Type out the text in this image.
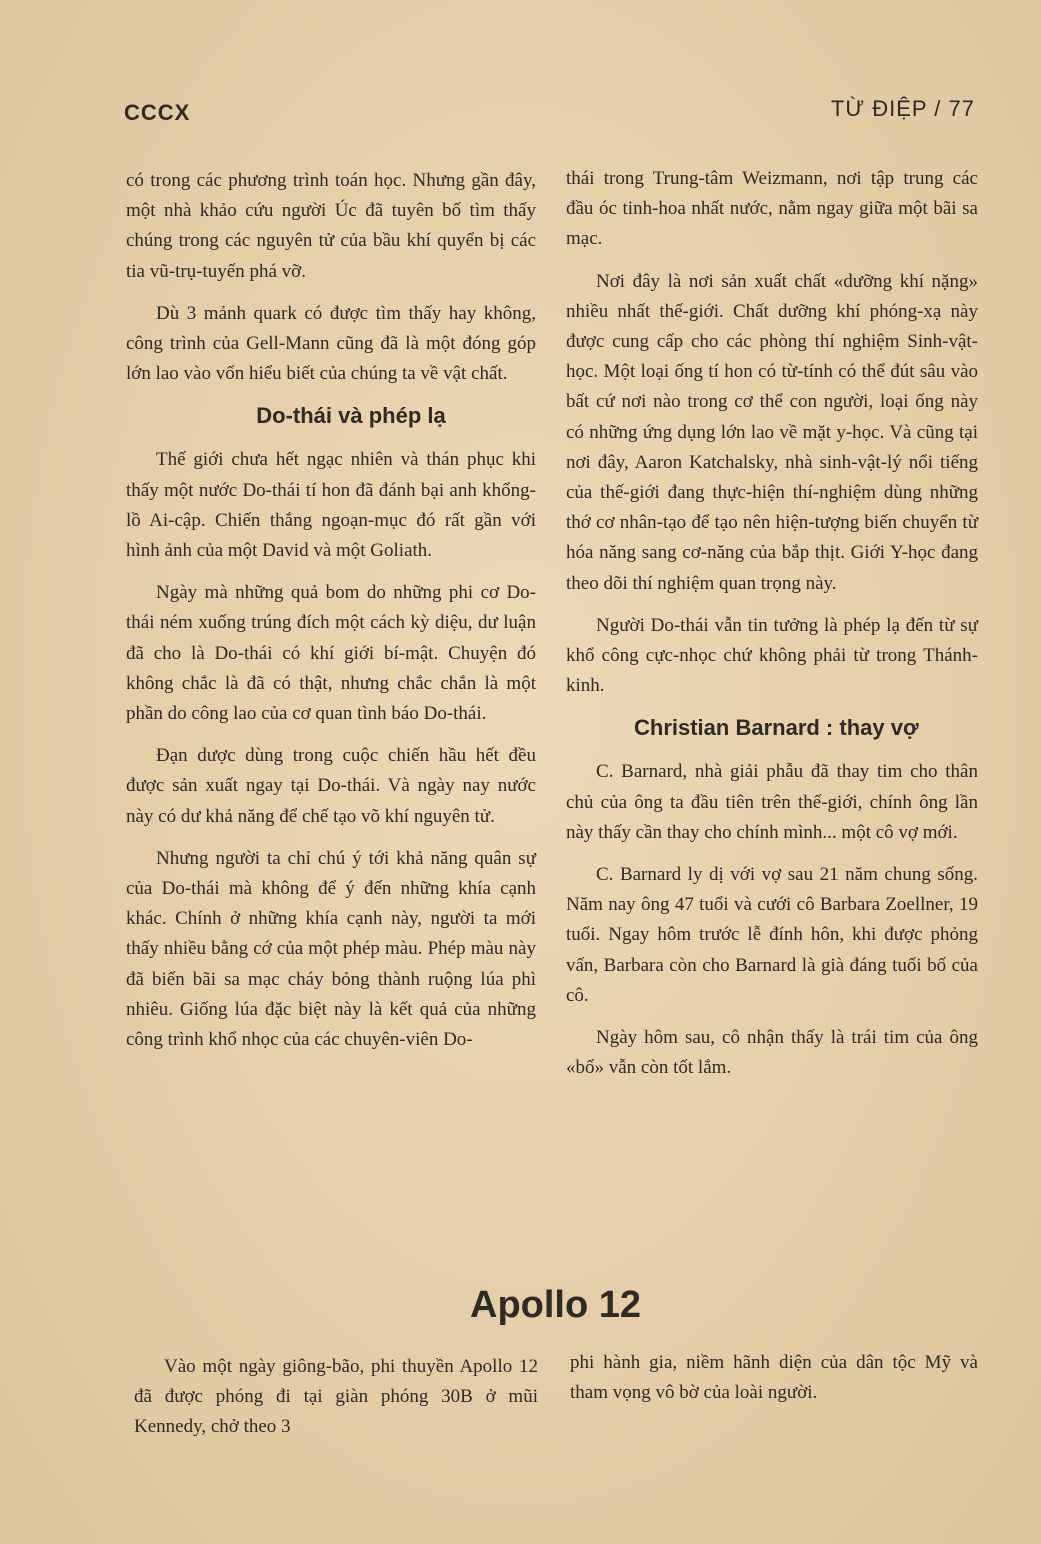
CCCX	TỪ ĐIỆP / 77

có trong các phương trình toán học. Nhưng gần đây, một nhà khảo cứu người Úc đã tuyên bố tìm thấy chúng trong các nguyên tử của bầu khí quyển bị các tia vũ-trụ-tuyến phá vỡ.

Dù 3 mảnh quark có được tìm thấy hay không, công trình của Gell-Mann cũng đã là một đóng góp lớn lao vào vốn hiểu biết của chúng ta về vật chất.

Do-thái và phép lạ

Thế giới chưa hết ngạc nhiên và thán phục khi thấy một nước Do-thái tí hon đã đánh bại anh khổng-lồ Ai-cập. Chiến thắng ngoạn-mục đó rất gần với hình ảnh của một David và một Goliath.

Ngày mà những quả bom do những phi cơ Do-thái ném xuống trúng đích một cách kỳ diệu, dư luận đã cho là Do-thái có khí giới bí-mật. Chuyện đó không chắc là đã có thật, nhưng chắc chắn là một phần do công lao của cơ quan tình báo Do-thái.

Đạn dược dùng trong cuộc chiến hầu hết đều được sản xuất ngay tại Do-thái. Và ngày nay nước này có dư khả năng để chế tạo võ khí nguyên tử.

Nhưng người ta chỉ chú ý tới khả năng quân sự của Do-thái mà không để ý đến những khía cạnh khác. Chính ở những khía cạnh này, người ta mới thấy nhiều bằng cớ của một phép màu. Phép màu này đã biến bãi sa mạc cháy bỏng thành ruộng lúa phì nhiêu. Giống lúa đặc biệt này là kết quả của những công trình khổ nhọc của các chuyên-viên Do-

thái trong Trung-tâm Weizmann, nơi tập trung các đầu óc tinh-hoa nhất nước, nằm ngay giữa một bãi sa mạc.

Nơi đây là nơi sản xuất chất «dưỡng khí nặng» nhiều nhất thế-giới. Chất dưỡng khí phóng-xạ này được cung cấp cho các phòng thí nghiệm Sinh-vật-học. Một loại ống tí hon có từ-tính có thể đút sâu vào bất cứ nơi nào trong cơ thể con người, loại ống này có những ứng dụng lớn lao về mặt y-học. Và cũng tại nơi đây, Aaron Katchalsky, nhà sinh-vật-lý nổi tiếng của thế-giới đang thực-hiện thí-nghiệm dùng những thớ cơ nhân-tạo để tạo nên hiện-tượng biến chuyển từ hóa năng sang cơ-năng của bắp thịt. Giới Y-học đang theo dõi thí nghiệm quan trọng này.

Người Do-thái vẫn tin tưởng là phép lạ đến từ sự khổ công cực-nhọc chứ không phải từ trong Thánh-kinh.

Christian Barnard : thay vợ

C. Barnard, nhà giải phẫu đã thay tim cho thân chủ của ông ta đầu tiên trên thế-giới, chính ông lần này thấy cần thay cho chính mình... một cô vợ mới.

C. Barnard ly dị với vợ sau 21 năm chung sống. Năm nay ông 47 tuổi và cưới cô Barbara Zoellner, 19 tuổi. Ngay hôm trước lễ đính hôn, khi được phỏng vấn, Barbara còn cho Barnard là già đáng tuổi bố của cô.

Ngày hôm sau, cô nhận thấy là trái tim của ông «bố» vẫn còn tốt lắm.

Apollo 12

Vào một ngày giông-bão, phi thuyền Apollo 12 đã được phóng đi tại giàn phóng 30B ở mũi Kennedy, chở theo 3

phi hành gia, niềm hãnh diện của dân tộc Mỹ và tham vọng vô bờ của loài người.
